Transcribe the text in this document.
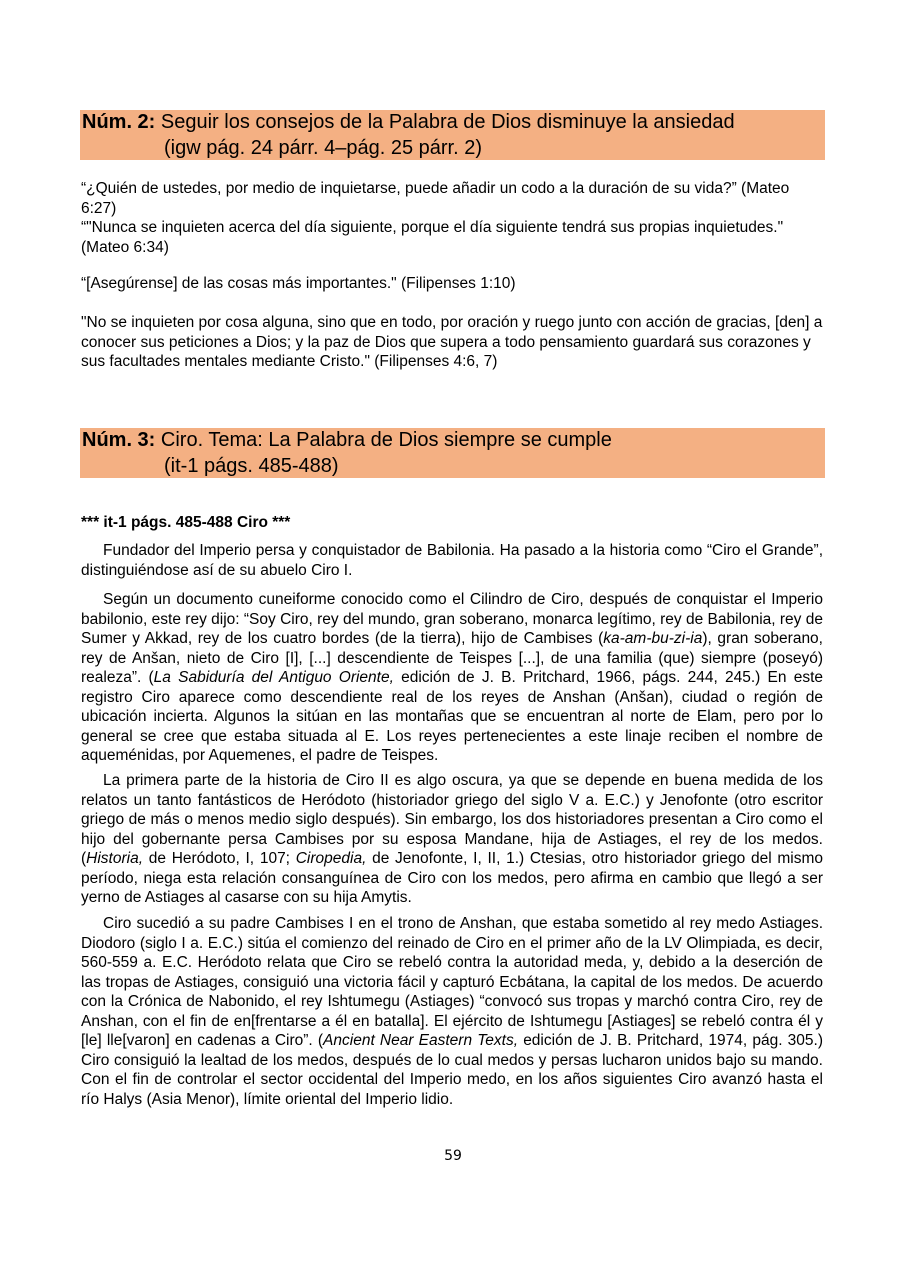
Núm. 2: Seguir los consejos de la Palabra de Dios disminuye la ansiedad
(igw pág. 24 párr. 4–pág. 25 párr. 2)

“¿Quién de ustedes, por medio de inquietarse, puede añadir un codo a la duración de su vida?” (Mateo 6:27)

“"Nunca se inquieten acerca del día siguiente, porque el día siguiente tendrá sus propias inquietudes." (Mateo 6:34)

“[Asegúrense] de las cosas más importantes." (Filipenses 1:10)

"No se inquieten por cosa alguna, sino que en todo, por oración y ruego junto con acción de gracias, [den] a conocer sus peticiones a Dios; y la paz de Dios que supera a todo pensamiento guardará sus corazones y sus facultades mentales mediante Cristo." (Filipenses 4:6, 7)

Núm. 3: Ciro. Tema: La Palabra de Dios siempre se cumple
(it-1 págs. 485-488)

*** it-1 págs. 485-488 Ciro ***

Fundador del Imperio persa y conquistador de Babilonia. Ha pasado a la historia como “Ciro el Grande”, distinguiéndose así de su abuelo Ciro I.

Según un documento cuneiforme conocido como el Cilindro de Ciro, después de conquistar el Imperio babilonio, este rey dijo: “Soy Ciro, rey del mundo, gran soberano, monarca legítimo, rey de Babilonia, rey de Sumer y Akkad, rey de los cuatro bordes (de la tierra), hijo de Cambises (ka-am-bu-zi-ia), gran soberano, rey de Anšan, nieto de Ciro [I], [...] descendiente de Teispes [...], de una familia (que) siempre (poseyó) realeza”. (La Sabiduría del Antiguo Oriente, edición de J. B. Pritchard, 1966, págs. 244, 245.) En este registro Ciro aparece como descendiente real de los reyes de Anshan (Anšan), ciudad o región de ubicación incierta. Algunos la sitúan en las montañas que se encuentran al norte de Elam, pero por lo general se cree que estaba situada al E. Los reyes pertenecientes a este linaje reciben el nombre de aqueménidas, por Aquemenes, el padre de Teispes.

La primera parte de la historia de Ciro II es algo oscura, ya que se depende en buena medida de los relatos un tanto fantásticos de Heródoto (historiador griego del siglo V a. E.C.) y Jenofonte (otro escritor griego de más o menos medio siglo después). Sin embargo, los dos historiadores presentan a Ciro como el hijo del gobernante persa Cambises por su esposa Mandane, hija de Astiages, el rey de los medos. (Historia, de Heródoto, I, 107; Ciropedia, de Jenofonte, I, II, 1.) Ctesias, otro historiador griego del mismo período, niega esta relación consanguínea de Ciro con los medos, pero afirma en cambio que llegó a ser yerno de Astiages al casarse con su hija Amytis.

Ciro sucedió a su padre Cambises I en el trono de Anshan, que estaba sometido al rey medo Astiages. Diodoro (siglo I a. E.C.) sitúa el comienzo del reinado de Ciro en el primer año de la LV Olimpiada, es decir, 560-559 a. E.C. Heródoto relata que Ciro se rebeló contra la autoridad meda, y, debido a la deserción de las tropas de Astiages, consiguió una victoria fácil y capturó Ecbátana, la capital de los medos. De acuerdo con la Crónica de Nabonido, el rey Ishtumegu (Astiages) “convocó sus tropas y marchó contra Ciro, rey de Anshan, con el fin de en[frentarse a él en batalla]. El ejército de Ishtumegu [Astiages] se rebeló contra él y [le] lle[varon] en cadenas a Ciro”. (Ancient Near Eastern Texts, edición de J. B. Pritchard, 1974, pág. 305.) Ciro consiguió la lealtad de los medos, después de lo cual medos y persas lucharon unidos bajo su mando. Con el fin de controlar el sector occidental del Imperio medo, en los años siguientes Ciro avanzó hasta el río Halys (Asia Menor), límite oriental del Imperio lidio.

59
